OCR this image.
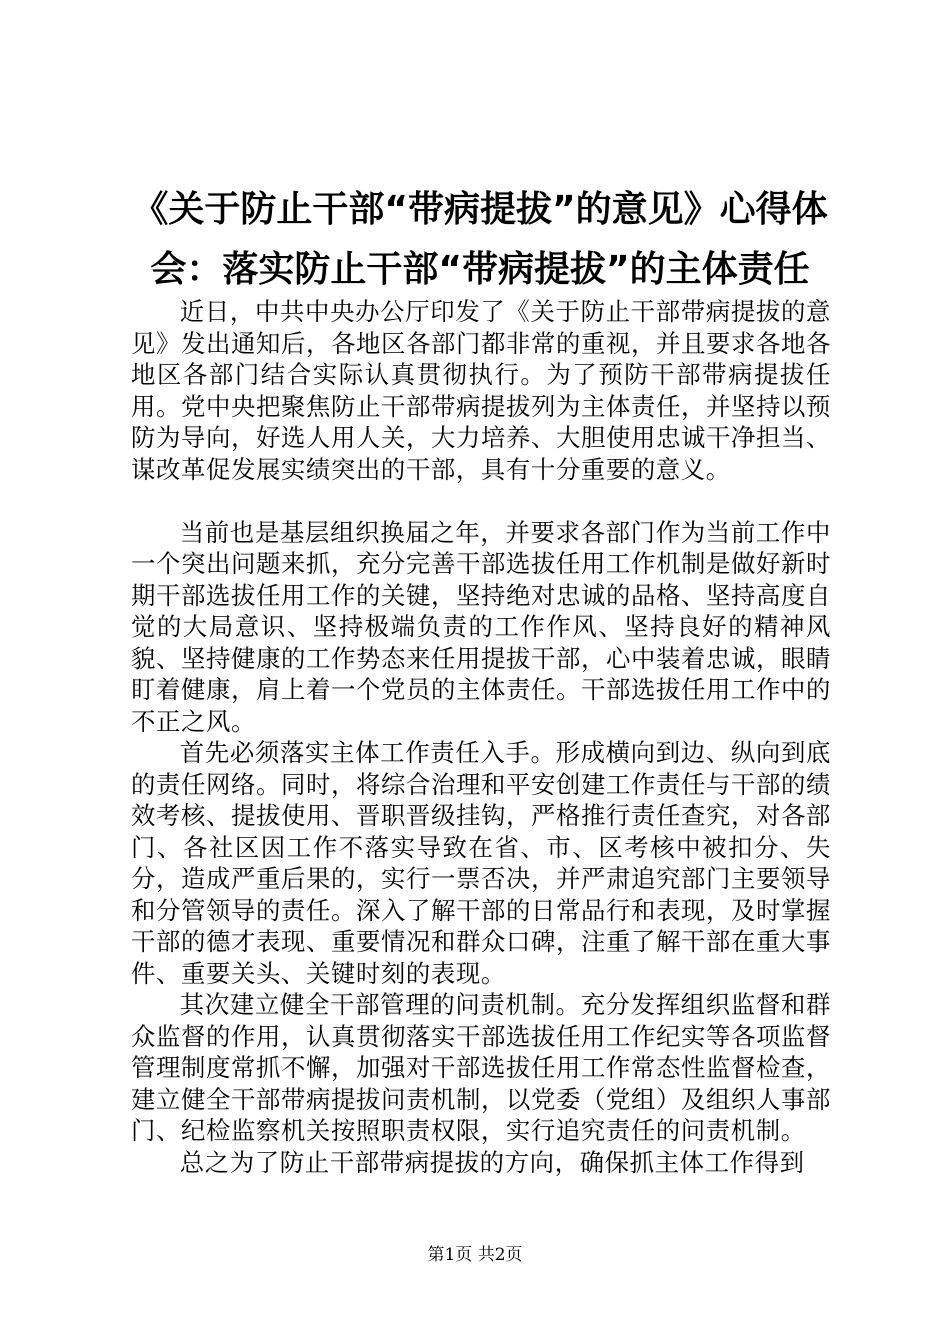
《关于防止干部“带病提拔”的意见》心得体
会：落实防止干部“带病提拔”的主体责任

近日，中共中央办公厅印发了《关于防止干部带病提拔的意见》发出通知后，各地区各部门都非常的重视，并且要求各地各地区各部门结合实际认真贯彻执行。为了预防干部带病提拔任用。党中央把聚焦防止干部带病提拔列为主体责任，并坚持以预防为导向，好选人用人关，大力培养、大胆使用忠诚干净担当、谋改革促发展实绩突出的干部，具有十分重要的意义。

当前也是基层组织换届之年，并要求各部门作为当前工作中一个突出问题来抓，充分完善干部选拔任用工作机制是做好新时期干部选拔任用工作的关键，坚持绝对忠诚的品格、坚持高度自觉的大局意识、坚持极端负责的工作作风、坚持良好的精神风貌、坚持健康的工作势态来任用提拔干部，心中装着忠诚，眼睛盯着健康，肩上着一个党员的主体责任。干部选拔任用工作中的不正之风。

首先必须落实主体工作责任入手。形成横向到边、纵向到底的责任网络。同时，将综合治理和平安创建工作责任与干部的绩效考核、提拔使用、晋职晋级挂钩，严格推行责任查究，对各部门、各社区因工作不落实导致在省、市、区考核中被扣分、失分，造成严重后果的，实行一票否决，并严肃追究部门主要领导和分管领导的责任。深入了解干部的日常品行和表现，及时掌握干部的德才表现、重要情况和群众口碑，注重了解干部在重大事件、重要关头、关键时刻的表现。

其次建立健全干部管理的问责机制。充分发挥组织监督和群众监督的作用，认真贯彻落实干部选拔任用工作纪实等各项监督管理制度常抓不懈，加强对干部选拔任用工作常态性监督检查，建立健全干部带病提拔问责机制，以党委（党组）及组织人事部门、纪检监察机关按照职责权限，实行追究责任的问责机制。

总之为了防止干部带病提拔的方向，确保抓主体工作得到

第1页 共2页
